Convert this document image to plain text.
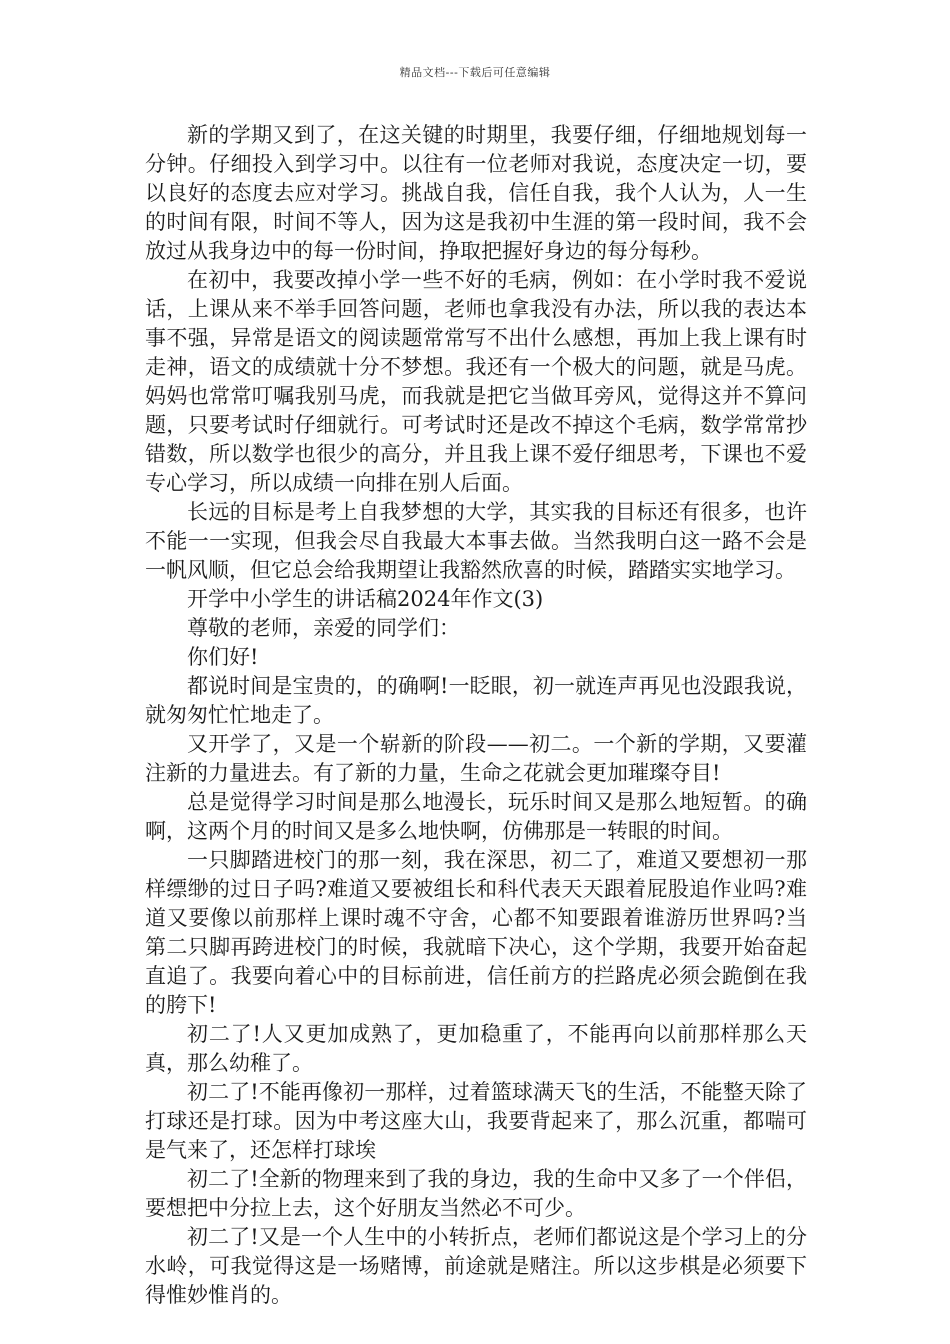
精品文档---下载后可任意编辑

新的学期又到了，在这关键的时期里，我要仔细，仔细地规划每一分钟。仔细投入到学习中。以往有一位老师对我说，态度决定一切，要以良好的态度去应对学习。挑战自我，信任自我，我个人认为，人一生的时间有限，时间不等人，因为这是我初中生涯的第一段时间，我不会放过从我身边中的每一份时间，挣取把握好身边的每分每秒。

在初中，我要改掉小学一些不好的毛病，例如：在小学时我不爱说话，上课从来不举手回答问题，老师也拿我没有办法，所以我的表达本事不强，异常是语文的阅读题常常写不出什么感想，再加上我上课有时走神，语文的成绩就十分不梦想。我还有一个极大的问题，就是马虎。妈妈也常常叮嘱我别马虎，而我就是把它当做耳旁风，觉得这并不算问题，只要考试时仔细就行。可考试时还是改不掉这个毛病，数学常常抄错数，所以数学也很少的高分，并且我上课不爱仔细思考，下课也不爱专心学习，所以成绩一向排在别人后面。

长远的目标是考上自我梦想的大学，其实我的目标还有很多，也许不能一一实现，但我会尽自我最大本事去做。当然我明白这一路不会是一帆风顺，但它总会给我期望让我豁然欣喜的时候，踏踏实实地学习。

开学中小学生的讲话稿2024年作文(3)

尊敬的老师，亲爱的同学们：

你们好!

都说时间是宝贵的，的确啊!一眨眼，初一就连声再见也没跟我说，就匆匆忙忙地走了。

又开学了，又是一个崭新的阶段——初二。一个新的学期，又要灌注新的力量进去。有了新的力量，生命之花就会更加璀璨夺目!

总是觉得学习时间是那么地漫长，玩乐时间又是那么地短暂。的确啊，这两个月的时间又是多么地快啊，仿佛那是一转眼的时间。

一只脚踏进校门的那一刻，我在深思，初二了，难道又要想初一那样缥缈的过日子吗?难道又要被组长和科代表天天跟着屁股追作业吗?难道又要像以前那样上课时魂不守舍，心都不知要跟着谁游历世界吗?当第二只脚再跨进校门的时候，我就暗下决心，这个学期，我要开始奋起直追了。我要向着心中的目标前进，信任前方的拦路虎必须会跪倒在我的胯下!

初二了!人又更加成熟了，更加稳重了，不能再向以前那样那么天真，那么幼稚了。

初二了!不能再像初一那样，过着篮球满天飞的生活，不能整天除了打球还是打球。因为中考这座大山，我要背起来了，那么沉重，都喘可是气来了，还怎样打球埃

初二了!全新的物理来到了我的身边，我的生命中又多了一个伴侣，要想把中分拉上去，这个好朋友当然必不可少。

初二了!又是一个人生中的小转折点，老师们都说这是个学习上的分水岭，可我觉得这是一场赌博，前途就是赌注。所以这步棋是必须要下得惟妙惟肖的。
